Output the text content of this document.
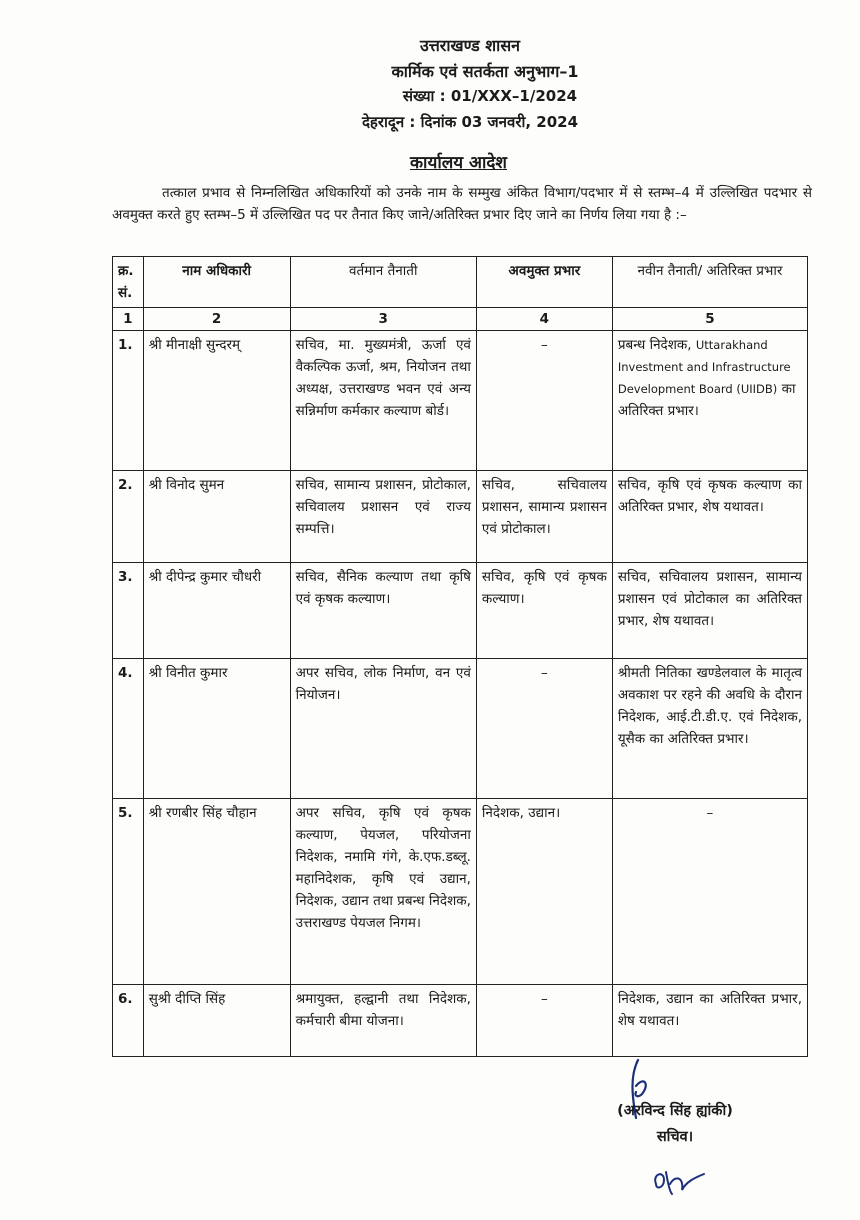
उत्तराखण्ड शासन
कार्मिक एवं सतर्कता अनुभाग–1
संख्या : 01/XXX–1/2024
देहरादून : दिनांक 03 जनवरी, 2024
कार्यालय आदेश
तत्काल प्रभाव से निम्नलिखित अधिकारियों को उनके नाम के सम्मुख अंकित विभाग/पदभार में से स्तम्भ–4 में उल्लिखित पदभार से अवमुक्त करते हुए स्तम्भ–5 में उल्लिखित पद पर तैनात किए जाने/अतिरिक्त प्रभार दिए जाने का निर्णय लिया गया है :–
क्र. सं.	नाम अधिकारी	वर्तमान तैनाती	अवमुक्त प्रभार	नवीन तैनाती/ अतिरिक्त प्रभार
1	2	3	4	5
1.	श्री मीनाक्षी सुन्दरम्	सचिव, मा. मुख्यमंत्री, ऊर्जा एवं वैकल्पिक ऊर्जा, श्रम, नियोजन तथा अध्यक्ष, उत्तराखण्ड भवन एवं अन्य सन्निर्माण कर्मकार कल्याण बोर्ड।	–	प्रबन्ध निदेशक, Uttarakhand Investment and Infrastructure Development Board (UIIDB) का अतिरिक्त प्रभार।
2.	श्री विनोद सुमन	सचिव, सामान्य प्रशासन, प्रोटोकाल, सचिवालय प्रशासन एवं राज्य सम्पत्ति।	सचिव, सचिवालय प्रशासन, सामान्य प्रशासन एवं प्रोटोकाल।	सचिव, कृषि एवं कृषक कल्याण का अतिरिक्त प्रभार, शेष यथावत।
3.	श्री दीपेन्द्र कुमार चौधरी	सचिव, सैनिक कल्याण तथा कृषि एवं कृषक कल्याण।	सचिव, कृषि एवं कृषक कल्याण।	सचिव, सचिवालय प्रशासन, सामान्य प्रशासन एवं प्रोटोकाल का अतिरिक्त प्रभार, शेष यथावत।
4.	श्री विनीत कुमार	अपर सचिव, लोक निर्माण, वन एवं नियोजन।	–	श्रीमती नितिका खण्डेलवाल के मातृत्व अवकाश पर रहने की अवधि के दौरान निदेशक, आई.टी.डी.ए. एवं निदेशक, यूसैक का अतिरिक्त प्रभार।
5.	श्री रणबीर सिंह चौहान	अपर सचिव, कृषि एवं कृषक कल्याण, पेयजल, परियोजना निदेशक, नमामि गंगे, के.एफ.डब्लू. महानिदेशक, कृषि एवं उद्यान, निदेशक, उद्यान तथा प्रबन्ध निदेशक, उत्तराखण्ड पेयजल निगम।	निदेशक, उद्यान।	–
6.	सुश्री दीप्ति सिंह	श्रमायुक्त, हल्द्वानी तथा निदेशक, कर्मचारी बीमा योजना।	–	निदेशक, उद्यान का अतिरिक्त प्रभार, शेष यथावत।
(अरविन्द सिंह ह्यांकी)
सचिव।
